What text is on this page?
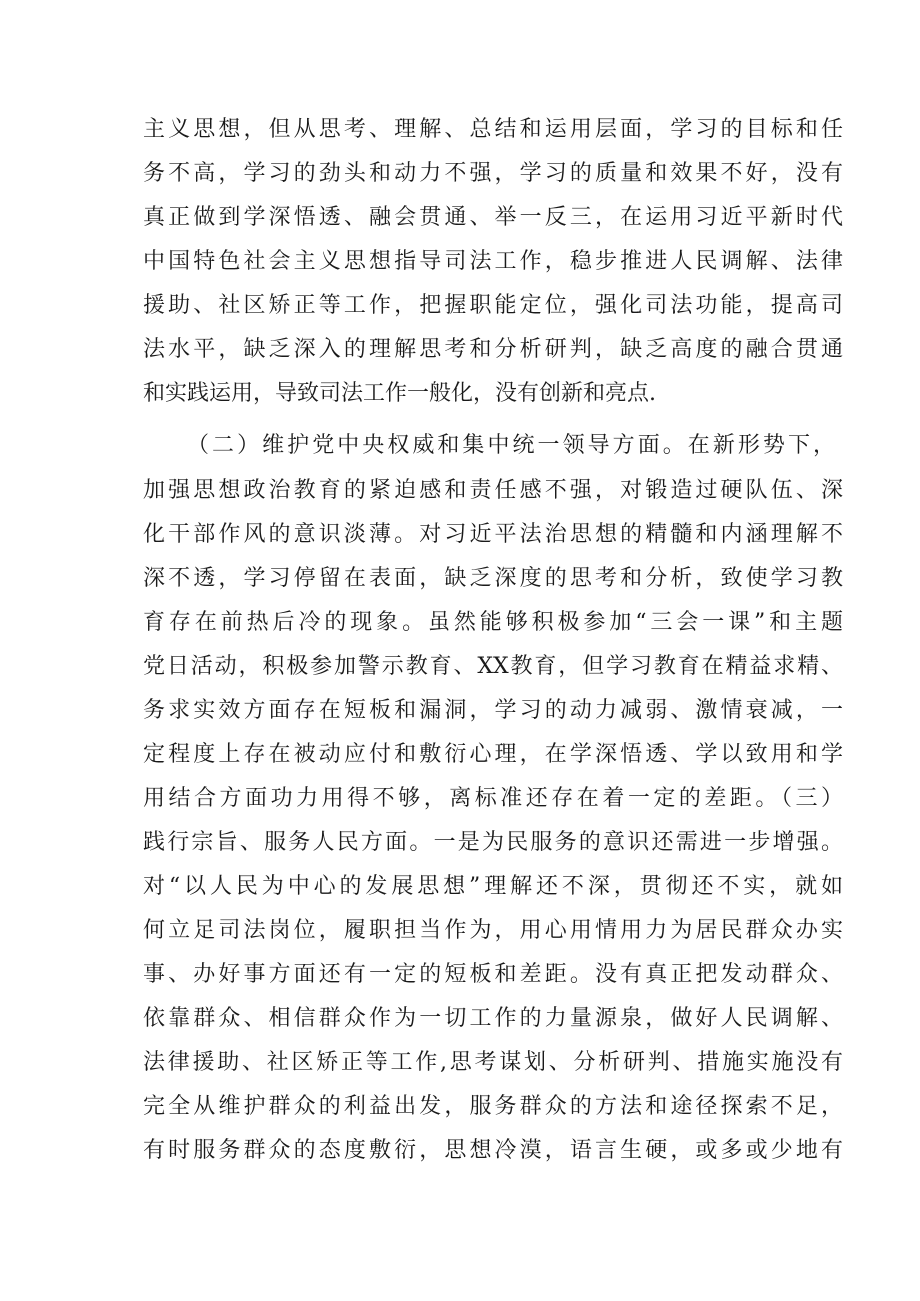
主义思想，但从思考、理解、总结和运用层面，学习的目标和任

务不高，学习的劲头和动力不强，学习的质量和效果不好，没有

真正做到学深悟透、融会贯通、举一反三，在运用习近平新时代

中国特色社会主义思想指导司法工作，稳步推进人民调解、法律

援助、社区矫正等工作，把握职能定位，强化司法功能，提高司

法水平，缺乏深入的理解思考和分析研判，缺乏高度的融合贯通

和实践运用，导致司法工作一般化，没有创新和亮点.

（二）维护党中央权威和集中统一领导方面。在新形势下，

加强思想政治教育的紧迫感和责任感不强，对锻造过硬队伍、深

化干部作风的意识淡薄。对习近平法治思想的精髓和内涵理解不

深不透，学习停留在表面，缺乏深度的思考和分析，致使学习教

育存在前热后冷的现象。虽然能够积极参加“三会一课”和主题

党日活动，积极参加警示教育、XX教育，但学习教育在精益求精、

务求实效方面存在短板和漏洞，学习的动力减弱、激情衰减，一

定程度上存在被动应付和敷衍心理，在学深悟透、学以致用和学

用结合方面功力用得不够，离标准还存在着一定的差距。（三）

践行宗旨、服务人民方面。一是为民服务的意识还需进一步增强。

对“以人民为中心的发展思想”理解还不深，贯彻还不实，就如

何立足司法岗位，履职担当作为，用心用情用力为居民群众办实

事、办好事方面还有一定的短板和差距。没有真正把发动群众、

依靠群众、相信群众作为一切工作的力量源泉，做好人民调解、

法律援助、社区矫正等工作,思考谋划、分析研判、措施实施没有

完全从维护群众的利益出发，服务群众的方法和途径探索不足，

有时服务群众的态度敷衍，思想冷漠，语言生硬，或多或少地有
